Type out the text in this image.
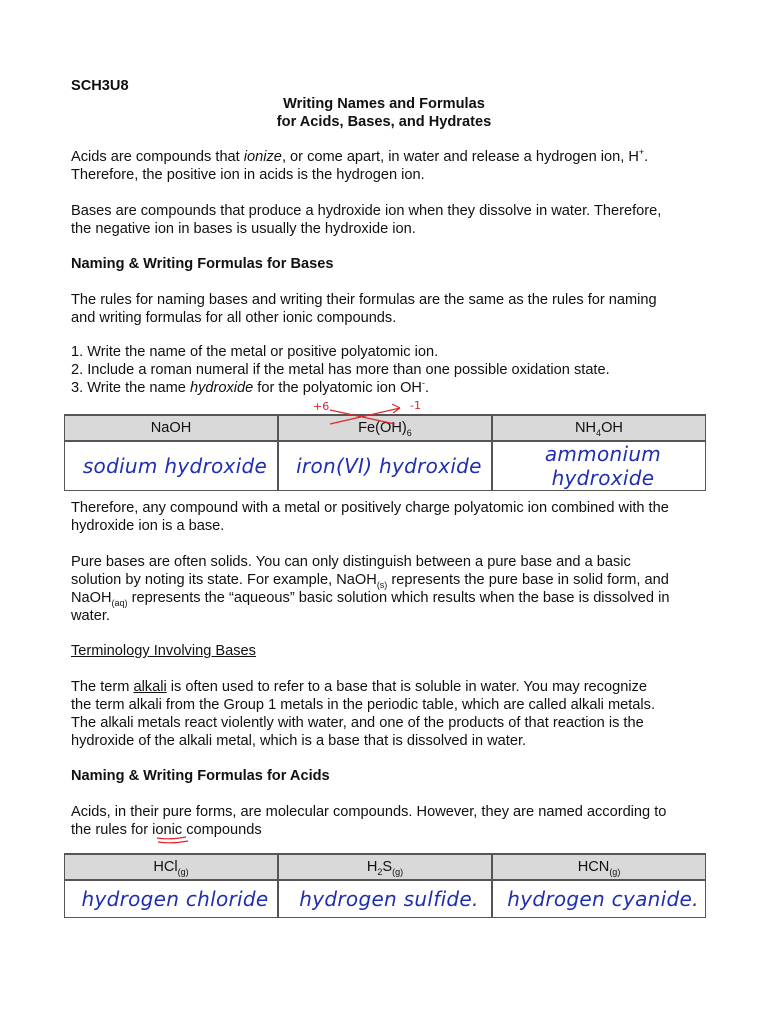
SCH3U8

Writing Names and Formulas

for Acids, Bases, and Hydrates

Acids are compounds that ionize, or come apart, in water and release a hydrogen ion, H+.

Therefore, the positive ion in acids is the hydrogen ion.

Bases are compounds that produce a hydroxide ion when they dissolve in water. Therefore,

the negative ion in bases is usually the hydroxide ion.

Naming & Writing Formulas for Bases

The rules for naming bases and writing their formulas are the same as the rules for naming

and writing formulas for all other ionic compounds.

1. Write the name of the metal or positive polyatomic ion.
2. Include a roman numeral if the metal has more than one possible oxidation state.
3. Write the name hydroxide for the polyatomic ion OH-.
+6	-1
NaOH	$Fe(OH)_6$	$NH_4OH$
sodium hydroxide	iron(VI) hydroxide	ammonium hydroxide

Therefore, any compound with a metal or positively charge polyatomic ion combined with the

hydroxide ion is a base.

Pure bases are often solids. You can only distinguish between a pure base and a basic

solution by noting its state. For example, NaOH$_{(s)}$ represents the pure base in solid form, and

NaOH$_{(aq)}$ represents the “aqueous” basic solution which results when the base is dissolved in

water.

Terminology Involving Bases

The term alkali is often used to refer to a base that is soluble in water. You may recognize

the term alkali from the Group 1 metals in the periodic table, which are called alkali metals.

The alkali metals react violently with water, and one of the products of that reaction is the

hydroxide of the alkali metal, which is a base that is dissolved in water.

Naming & Writing Formulas for Acids

Acids, in their pure forms, are molecular compounds. However, they are named according to

the rules for ionic compounds

HCl$_{(g)}$	$H_2S_{(g)}$	$HCN_{(g)}$
hydrogen chloride	hydrogen sulfide.	hydrogen cyanide.
